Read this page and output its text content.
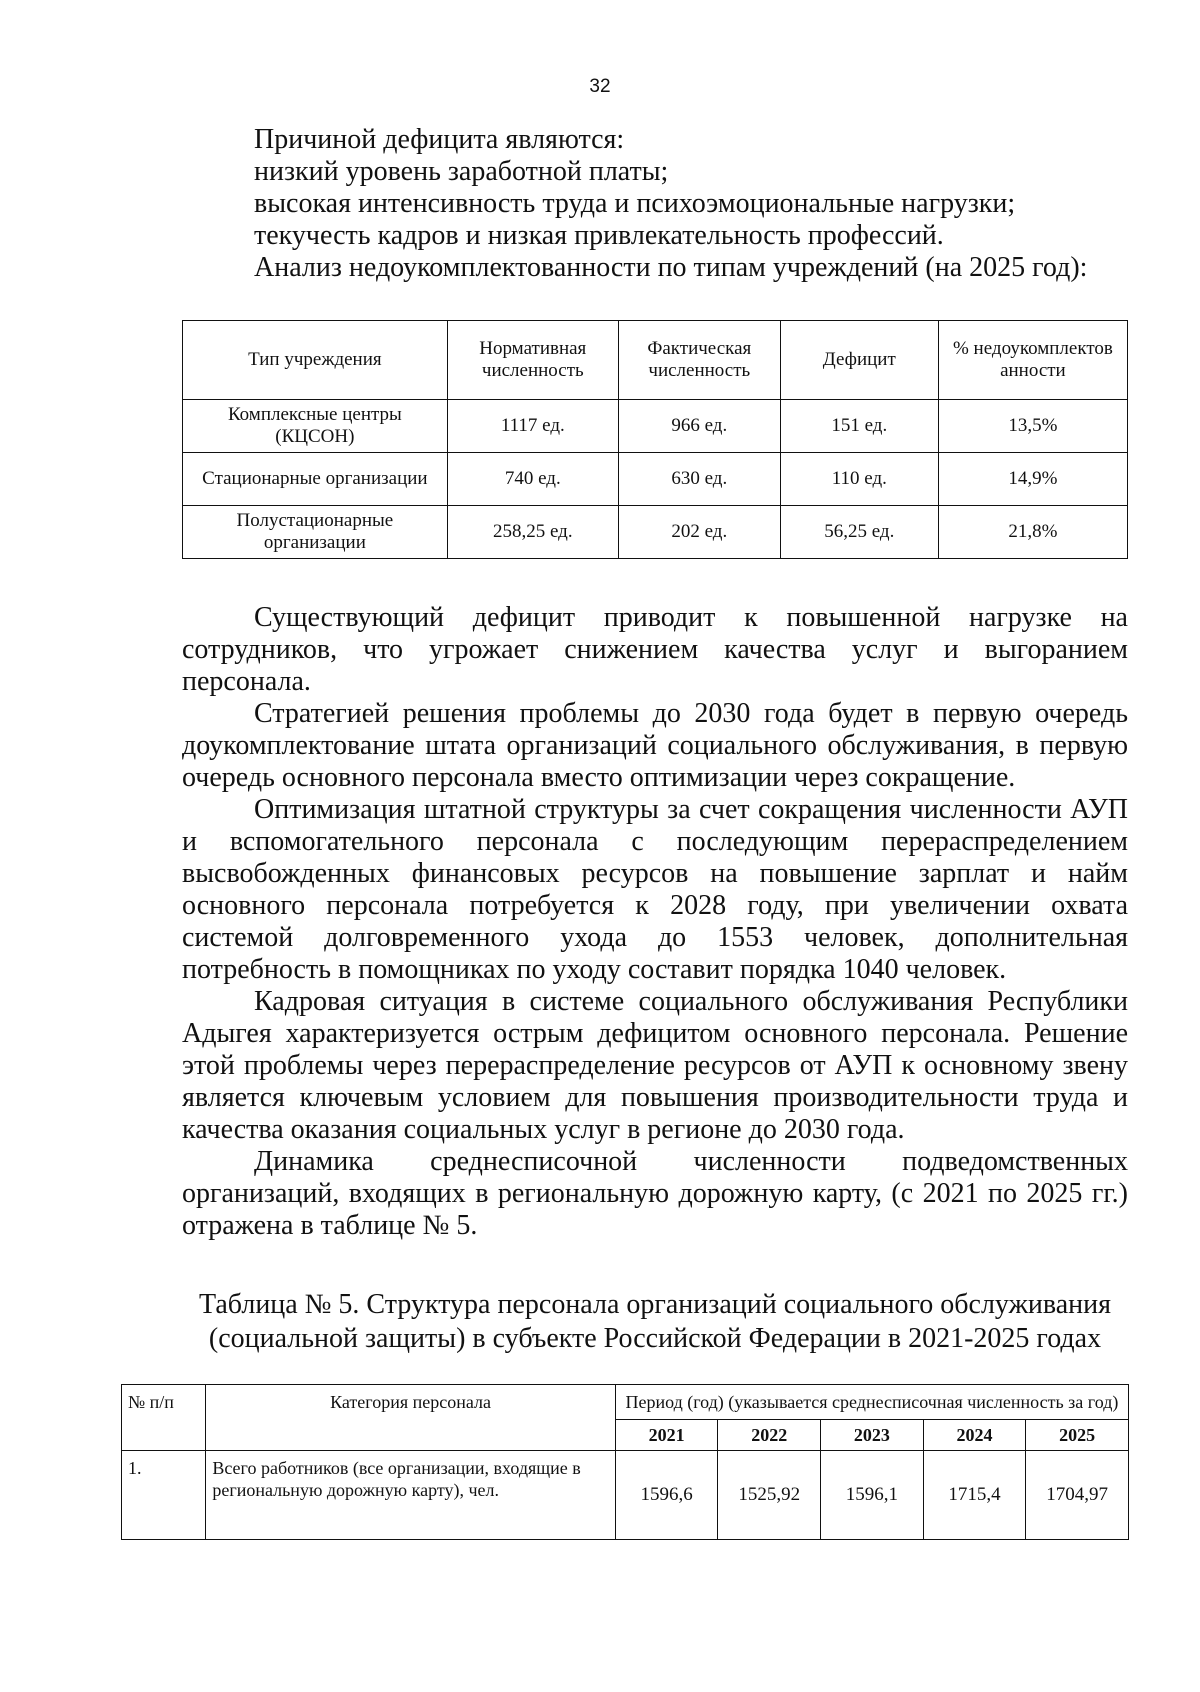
32
Причиной дефицита являются:
низкий уровень заработной платы;
высокая интенсивность труда и психоэмоциональные нагрузки;
текучесть кадров и низкая привлекательность профессий.
Анализ недоукомплектованности по типам учреждений (на 2025 год):
Тип учреждения	Нормативная численность	Фактическая численность	Дефицит	% недоукомплектов анности
Комплексные центры (КЦСОН)	1117 ед.	966 ед.	151 ед.	13,5%
Стационарные организации	740 ед.	630 ед.	110 ед.	14,9%
Полустационарные организации	258,25 ед.	202 ед.	56,25 ед.	21,8%

Существующий дефицит приводит к повышенной нагрузке на сотрудников, что угрожает снижением качества услуг и выгоранием персонала.

Стратегией решения проблемы до 2030 года будет в первую очередь доукомплектование штата организаций социального обслуживания, в первую очередь основного персонала вместо оптимизации через сокращение.

Оптимизация штатной структуры за счет сокращения численности АУП и вспомогательного персонала с последующим перераспределением высвобожденных финансовых ресурсов на повышение зарплат и найм основного персонала потребуется к 2028 году, при увеличении охвата системой долговременного ухода до 1553 человек, дополнительная потребность в помощниках по уходу составит порядка 1040 человек.

Кадровая ситуация в системе социального обслуживания Республики Адыгея характеризуется острым дефицитом основного персонала. Решение этой проблемы через перераспределение ресурсов от АУП к основному звену является ключевым условием для повышения производительности труда и качества оказания социальных услуг в регионе до 2030 года.

Динамика среднесписочной численности подведомственных организаций, входящих в региональную дорожную карту, (с 2021 по 2025 гг.) отражена в таблице № 5.

Таблица № 5. Структура персонала организаций социального обслуживания
(социальной защиты) в субъекте Российской Федерации в 2021-2025 годах
№ п/п	Категория персонала	Период (год) (указывается среднесписочная численность за год)				
		2021	2022	2023	2024	2025
1.	Всего работников (все организации, входящие в региональную дорожную карту), чел.	1596,6	1525,92	1596,1	1715,4	1704,97
